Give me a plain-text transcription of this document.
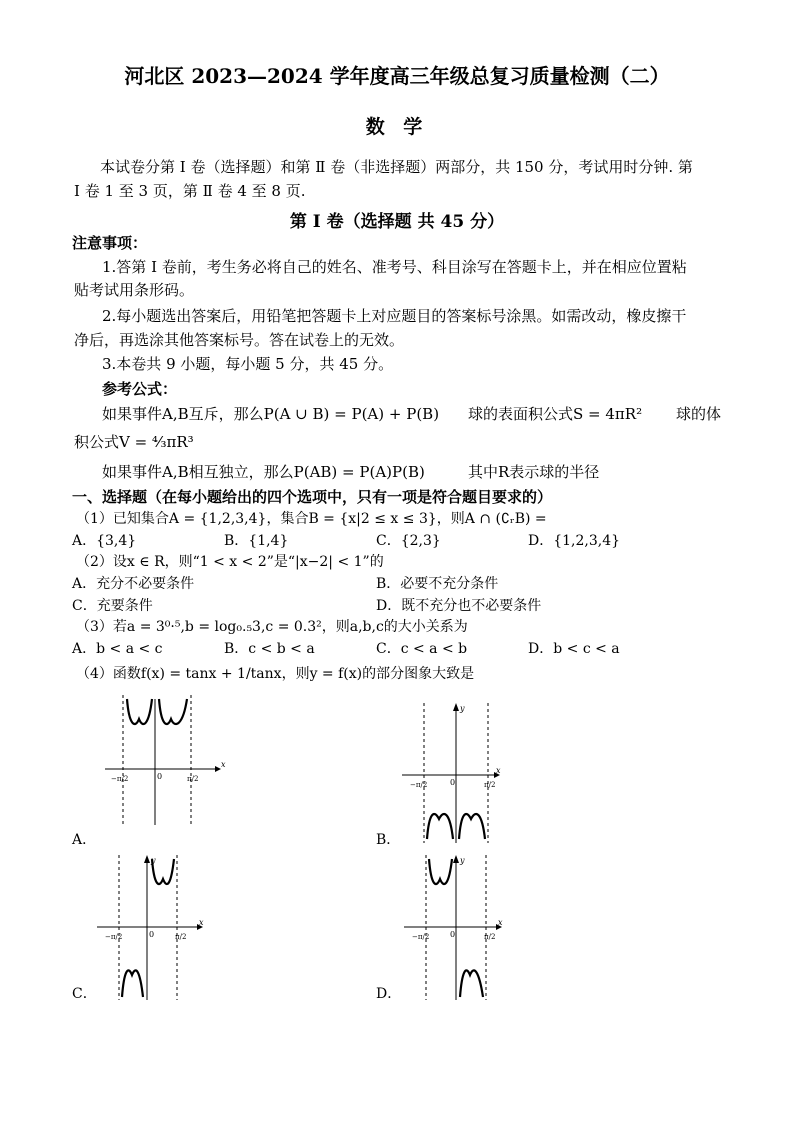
河北区 2023—2024 学年度高三年级总复习质量检测（二）
数 学
本试卷分第 Ⅰ 卷（选择题）和第 Ⅱ 卷（非选择题）两部分，共 150 分，考试用时分钟. 第
Ⅰ 卷 1 至 3 页，第 Ⅱ 卷 4 至 8 页.
第 Ⅰ 卷（选择题 共 45 分）
注意事项：
1.答第 Ⅰ 卷前，考生务必将自己的姓名、准考号、科目涂写在答题卡上，并在相应位置粘
贴考试用条形码。
2.每小题选出答案后，用铅笔把答题卡上对应题目的答案标号涂黑。如需改动，橡皮擦干
净后，再选涂其他答案标号。答在试卷上的无效。
3.本卷共 9 小题，每小题 5 分，共 45 分。
参考公式：
如果事件A,B互斥，那么P(A ∪ B) = P(A) + P(B) 球的表面积公式S = 4πR² 球的体
积公式V = ⁴⁄₃πR³
如果事件A,B相互独立，那么P(AB) = P(A)P(B)	其中R表示球的半径
一、选择题（在每小题给出的四个选项中，只有一项是符合题目要求的）
（1）已知集合A = {1,2,3,4}，集合B = {x|2 ≤ x ≤ 3}，则A ∩ (∁ᵣB) =
A．{3,4}	B．{1,4}	C．{2,3}	D．{1,2,3,4}
（2）设x ∈ R，则“1 < x < 2”是“|x−2| < 1”的
A．充分不必要条件	B．必要不充分条件
C．充要条件	D．既不充分也不必要条件
（3）若a = 3⁰·⁵,b = log₀.₅3,c = 0.3²，则a,b,c的大小关系为
A．b < a < c	B．c < b < a	C．c < a < b	D．b < c < a
（4）函数f(x) = tanx + 1/tanx，则y = f(x)的部分图象大致是
x
0
−π/2	π/2
A．
y
x
0
−π/2	π/2
B．
y
x
0
−π/2	π/2
C．
y
x
0
−π/2	π/2
D．
